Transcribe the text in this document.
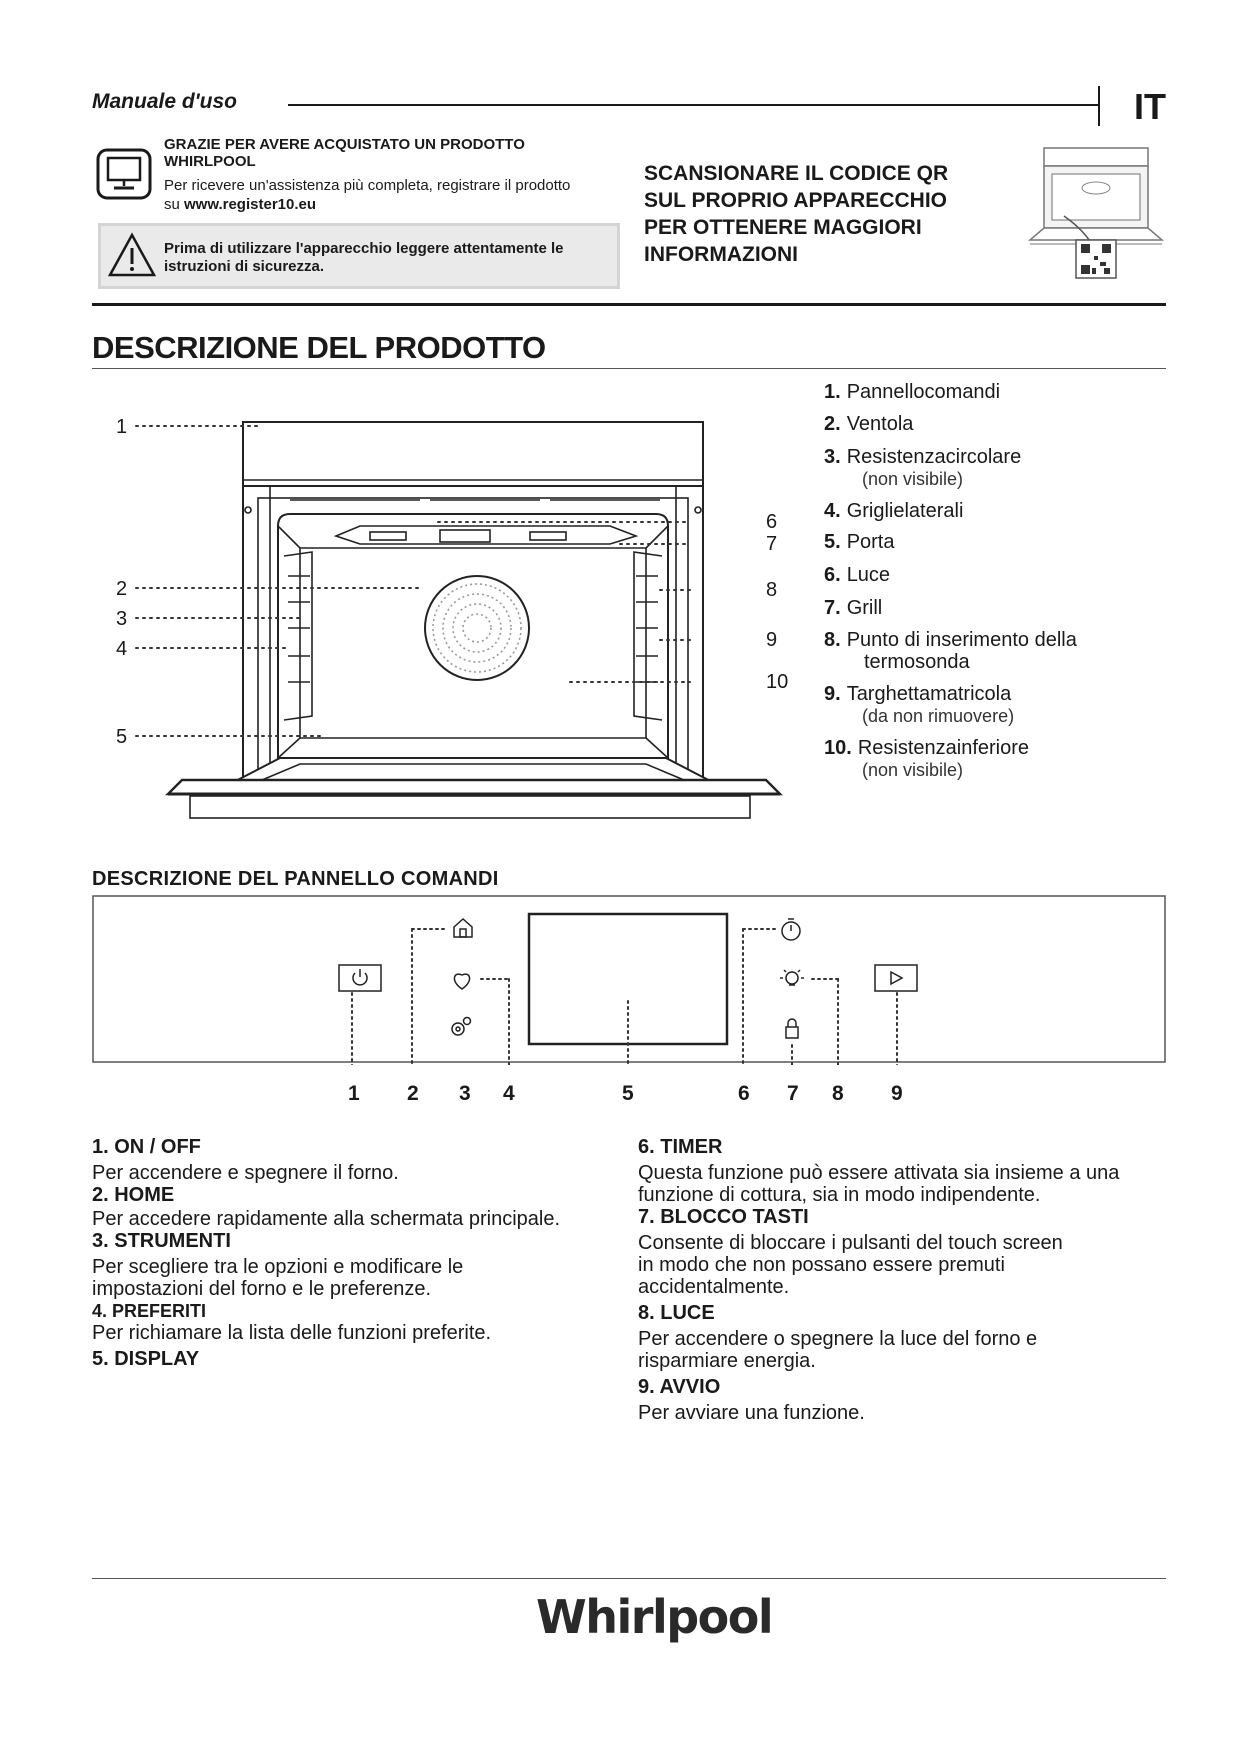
Manuale d'uso	IT
GRAZIE PER AVERE ACQUISTATO UN PRODOTTO WHIRLPOOL
Per ricevere un'assistenza più completa, registrare il prodotto su www.register10.eu
Prima di utilizzare l'apparecchio leggere attentamente le istruzioni di sicurezza.
SCANSIONARE IL CODICE QR SUL PROPRIO APPARECCHIO PER OTTENERE MAGGIORI INFORMAZIONI
DESCRIZIONE DEL PRODOTTO
1
2
3
4
5
6
7
8
9
10
1. Pannellocomandi
2. Ventola
3. Resistenzacircolare
(non visibile)
4. Griglielaterali
5. Porta
6. Luce
7. Grill
8. Punto di inserimento della
termosonda
9. Targhettamatricola
(da non rimuovere)
10. Resistenzainferiore
(non visibile)
DESCRIZIONE DEL PANNELLO COMANDI
1 2 3 4	5	6 7 8 9
1. ON / OFF
Per accendere e spegnere il forno.
2. HOME
Per accedere rapidamente alla schermata principale.
3. STRUMENTI
Per scegliere tra le opzioni e modificare le impostazioni del forno e le preferenze.
4. PREFERITI
Per richiamare la lista delle funzioni preferite.
5. DISPLAY
6. TIMER
Questa funzione può essere attivata sia insieme a una funzione di cottura, sia in modo indipendente.
7. BLOCCO TASTI
Consente di bloccare i pulsanti del touch screen in modo che non possano essere premuti accidentalmente.
8. LUCE
Per accendere o spegnere la luce del forno e risparmiare energia.
9. AVVIO
Per avviare una funzione.
Whirlpool
